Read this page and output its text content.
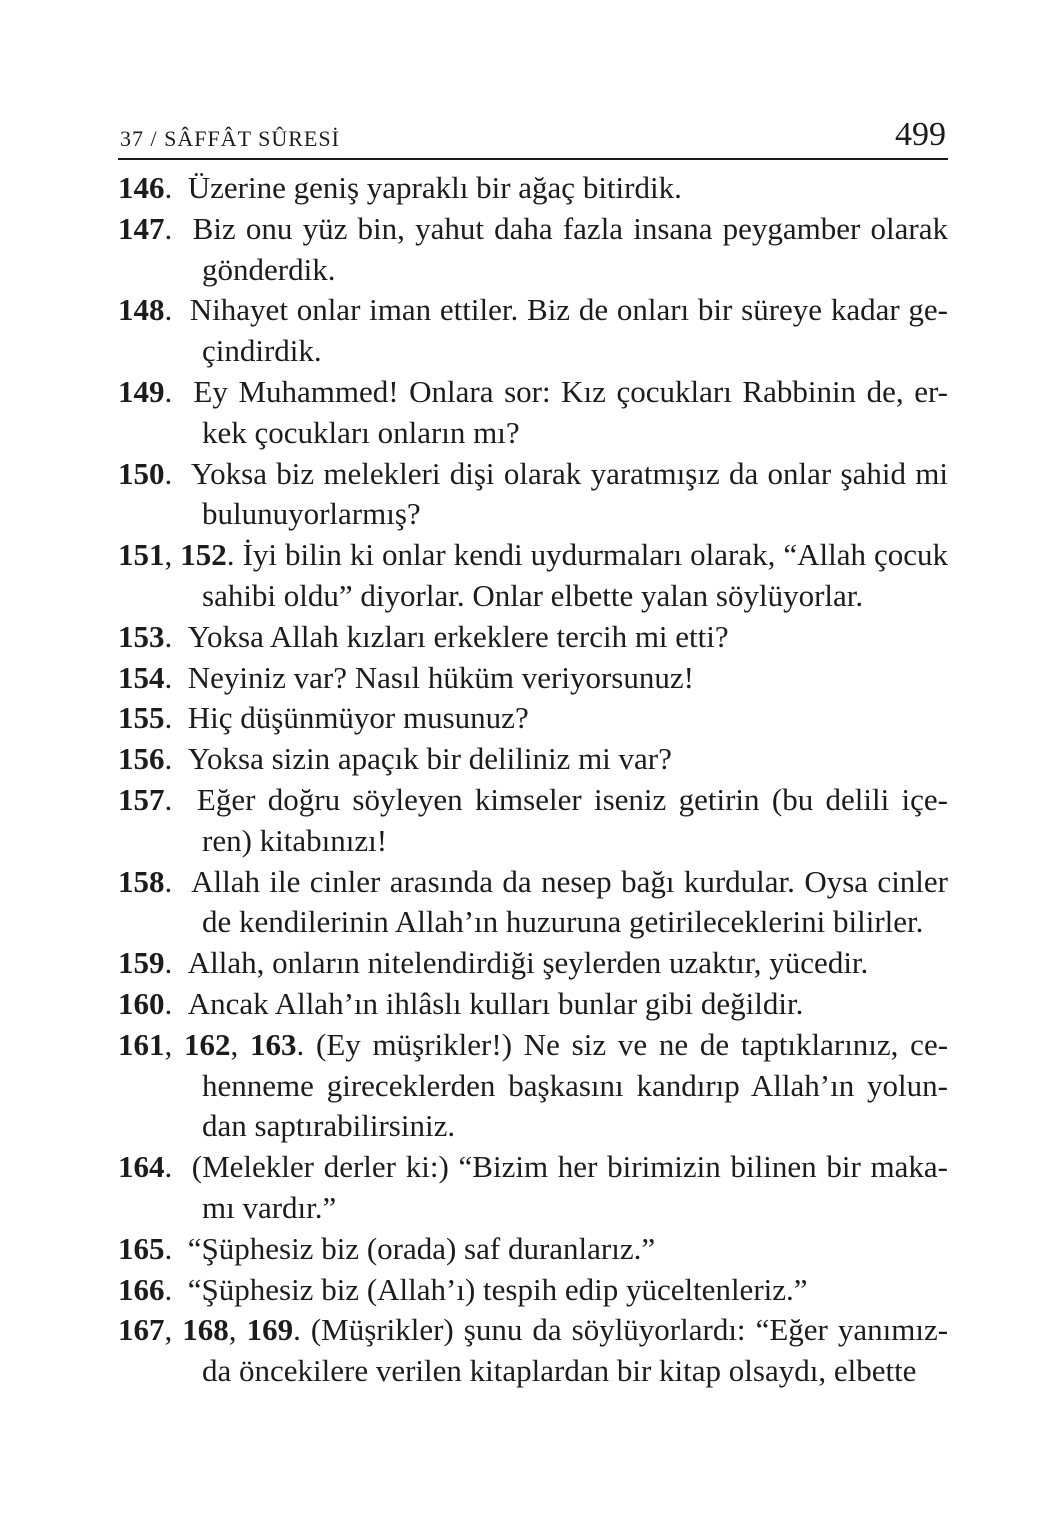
37 / SÂFFÂT SÛRESİ	499
146.  Üzerine geniş yapraklı bir ağaç bitirdik.
147.  Biz onu yüz bin, yahut daha fazla insana peygamber olarak gönderdik.
148.  Nihayet onlar iman ettiler. Biz de onları bir süreye kadar ge-çindirdik.
149.  Ey Muhammed! Onlara sor: Kız çocukları Rabbinin de, er-kek çocukları onların mı?
150.  Yoksa biz melekleri dişi olarak yaratmışız da onlar şahid mi bulunuyorlarmış?
151, 152. İyi bilin ki onlar kendi uydurmaları olarak, “Allah çocuk sahibi oldu” diyorlar. Onlar elbette yalan söylüyorlar.
153.  Yoksa Allah kızları erkeklere tercih mi etti?
154.  Neyiniz var? Nasıl hüküm veriyorsunuz!
155.  Hiç düşünmüyor musunuz?
156.  Yoksa sizin apaçık bir deliliniz mi var?
157.  Eğer doğru söyleyen kimseler iseniz getirin (bu delili içe-ren) kitabınızı!
158.  Allah ile cinler arasında da nesep bağı kurdular. Oysa cinler de kendilerinin Allah’ın huzuruna getirileceklerini bilirler.
159.  Allah, onların nitelendirdiği şeylerden uzaktır, yücedir.
160.  Ancak Allah’ın ihlâslı kulları bunlar gibi değildir.
161, 162, 163. (Ey müşrikler!) Ne siz ve ne de taptıklarınız, ce-henneme gireceklerden başkasını kandırıp Allah’ın yolun-dan saptırabilirsiniz.
164.  (Melekler derler ki:) “Bizim her birimizin bilinen bir maka-mı vardır.”
165.  “Şüphesiz biz (orada) saf duranlarız.”
166.  “Şüphesiz biz (Allah’ı) tespih edip yüceltenleriz.”
167, 168, 169. (Müşrikler) şunu da söylüyorlardı: “Eğer yanımız-da öncekilere verilen kitaplardan bir kitap olsaydı, elbette
